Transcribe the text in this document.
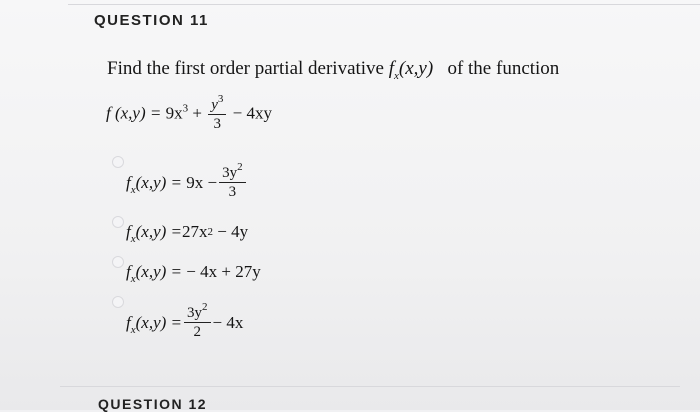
QUESTION 11
Find the first order partial derivative $f_x(x,y)$ of the function
f $(x,y) = 9x^3 + \frac{y^3}{3} - 4xy$
$f_x(x,y)$ =
$9x - \frac{3y^2}{3}$
$f_x(x,y) = 27x$ 2
− 4y
$f_x(x,y)$ =
− 4x + 27y
$f_x(x,y) = \frac{3y^2}{2} - 4x$
QUESTION 12
